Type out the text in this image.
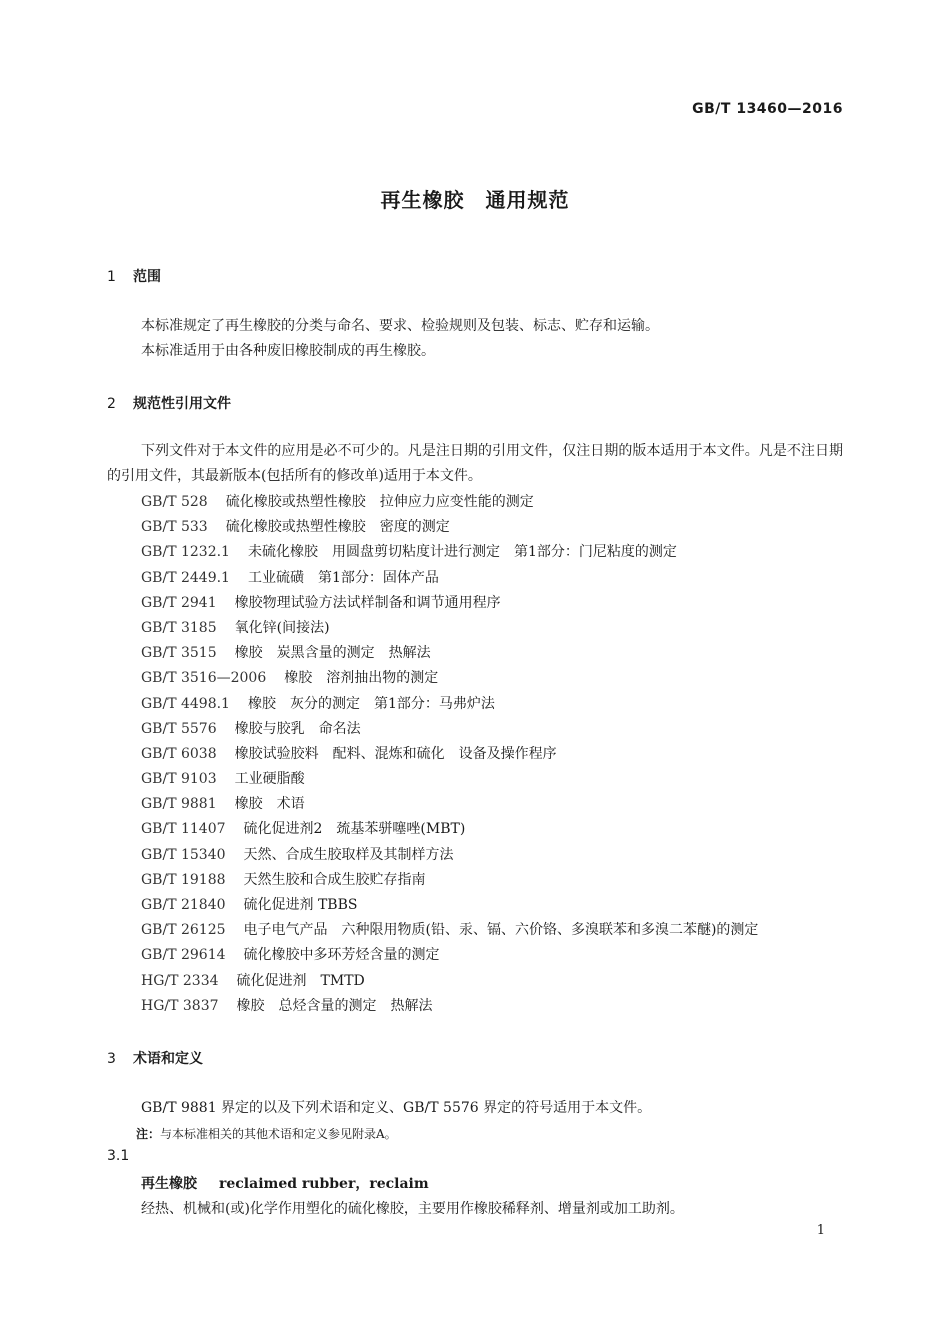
GB/T 13460—2016
再生橡胶　通用规范
1 范围
本标准规定了再生橡胶的分类与命名、要求、检验规则及包装、标志、贮存和运输。
本标准适用于由各种废旧橡胶制成的再生橡胶。
2 规范性引用文件

下列文件对于本文件的应用是必不可少的。凡是注日期的引用文件，仅注日期的版本适用于本文件。凡是不注日期的引用文件，其最新版本(包括所有的修改单)适用于本文件。

GB/T 528 硫化橡胶或热塑性橡胶　拉伸应力应变性能的测定
GB/T 533 硫化橡胶或热塑性橡胶　密度的测定
GB/T 1232.1 未硫化橡胶　用圆盘剪切粘度计进行测定　第1部分：门尼粘度的测定
GB/T 2449.1 工业硫磺　第1部分：固体产品
GB/T 2941 橡胶物理试验方法试样制备和调节通用程序
GB/T 3185 氧化锌(间接法)
GB/T 3515 橡胶　炭黑含量的测定　热解法
GB/T 3516—2006 橡胶　溶剂抽出物的测定
GB/T 4498.1 橡胶　灰分的测定　第1部分：马弗炉法
GB/T 5576 橡胶与胶乳　命名法
GB/T 6038 橡胶试验胶料　配料、混炼和硫化　设备及操作程序
GB/T 9103 工业硬脂酸
GB/T 9881 橡胶　术语
GB/T 11407 硫化促进剂2　巯基苯骈噻唑(MBT)
GB/T 15340 天然、合成生胶取样及其制样方法
GB/T 19188 天然生胶和合成生胶贮存指南
GB/T 21840 硫化促进剂 TBBS
GB/T 26125 电子电气产品　六种限用物质(铅、汞、镉、六价铬、多溴联苯和多溴二苯醚)的测定
GB/T 29614 硫化橡胶中多环芳烃含量的测定
HG/T 2334 硫化促进剂　TMTD
HG/T 3837 橡胶　总烃含量的测定　热解法
3 术语和定义
GB/T 9881 界定的以及下列术语和定义、GB/T 5576 界定的符号适用于本文件。
注：与本标准相关的其他术语和定义参见附录A。
3.1
再生橡胶 reclaimed rubber，reclaim
经热、机械和(或)化学作用塑化的硫化橡胶，主要用作橡胶稀释剂、增量剂或加工助剂。
1
